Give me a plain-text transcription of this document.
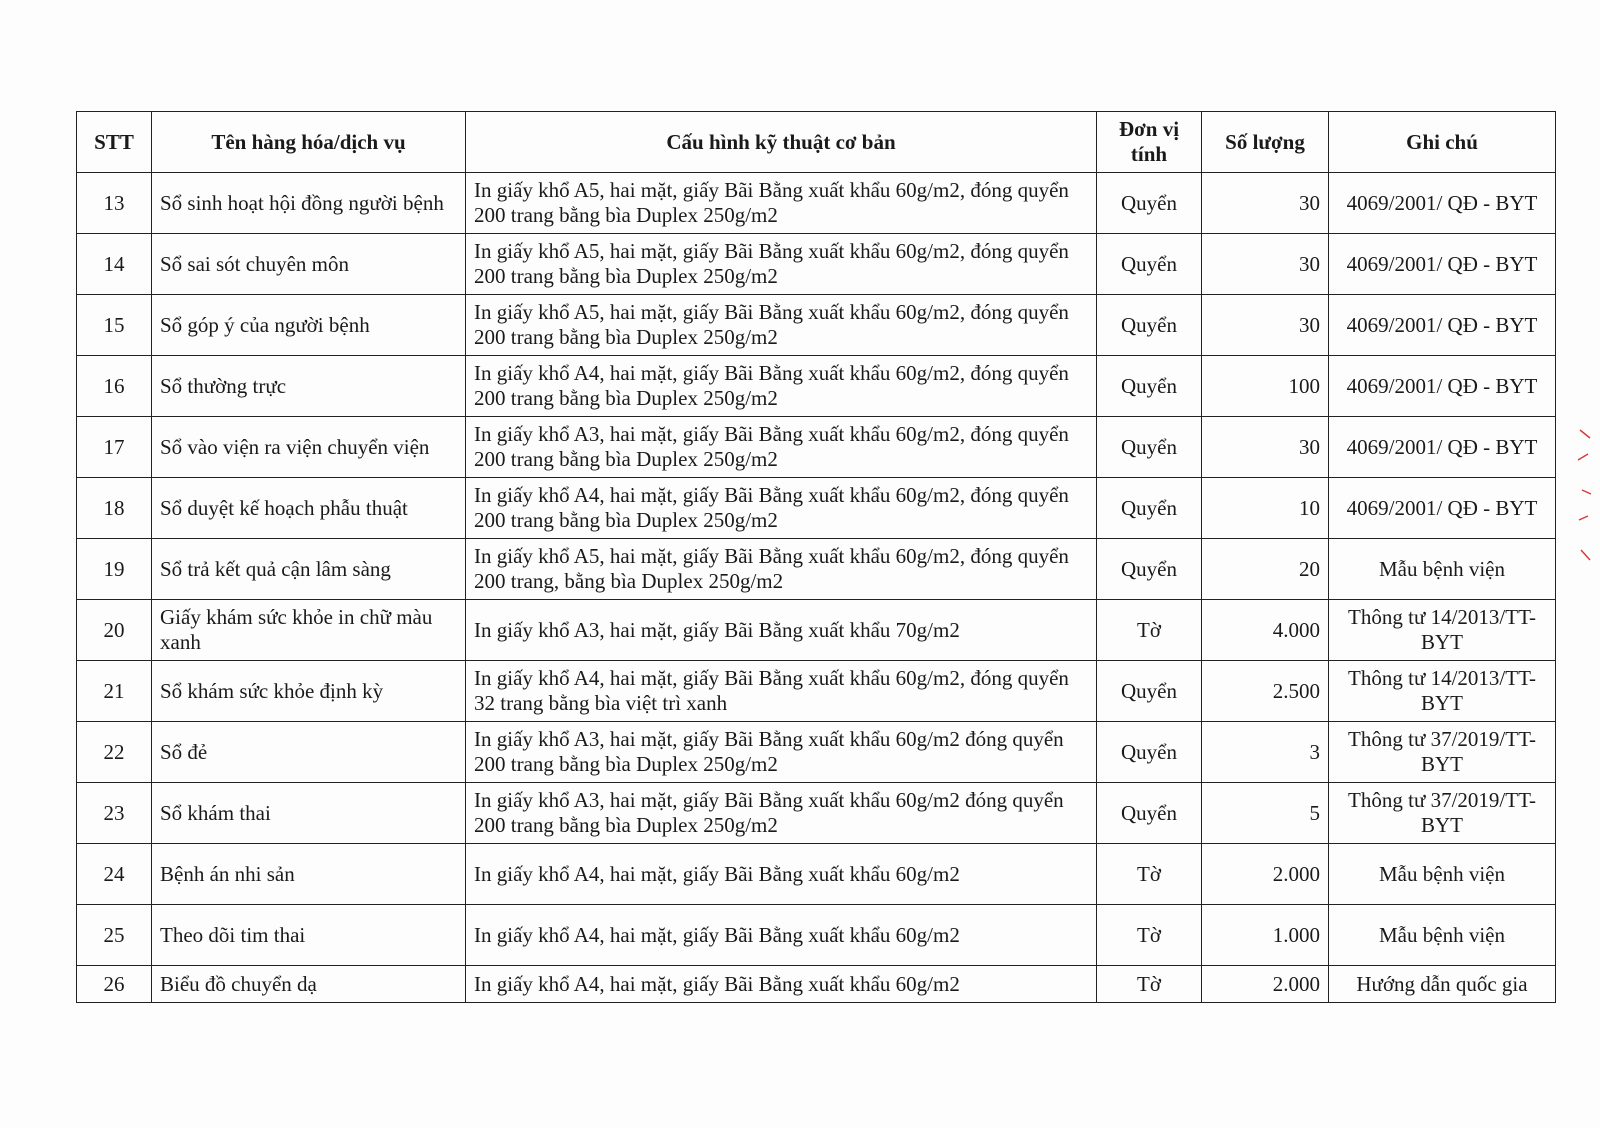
STT	Tên hàng hóa/dịch vụ	Cấu hình kỹ thuật cơ bản	Đơn vị tính	Số lượng	Ghi chú
13	Sổ sinh hoạt hội đồng người bệnh	In giấy khổ A5, hai mặt, giấy Bãi Bằng xuất khẩu 60g/m2, đóng quyển 200 trang bằng bìa Duplex 250g/m2	Quyển	30	4069/2001/ QĐ - BYT
14	Sổ sai sót chuyên môn	In giấy khổ A5, hai mặt, giấy Bãi Bằng xuất khẩu 60g/m2, đóng quyển 200 trang bằng bìa Duplex 250g/m2	Quyển	30	4069/2001/ QĐ - BYT
15	Sổ góp ý của người bệnh	In giấy khổ A5, hai mặt, giấy Bãi Bằng xuất khẩu 60g/m2, đóng quyển 200 trang bằng bìa Duplex 250g/m2	Quyển	30	4069/2001/ QĐ - BYT
16	Sổ thường trực	In giấy khổ A4, hai mặt, giấy Bãi Bằng xuất khẩu 60g/m2, đóng quyển 200 trang bằng bìa Duplex 250g/m2	Quyển	100	4069/2001/ QĐ - BYT
17	Sổ vào viện ra viện chuyển viện	In giấy khổ A3, hai mặt, giấy Bãi Bằng xuất khẩu 60g/m2, đóng quyển 200 trang bằng bìa Duplex 250g/m2	Quyển	30	4069/2001/ QĐ - BYT
18	Sổ duyệt kế hoạch phẫu thuật	In giấy khổ A4, hai mặt, giấy Bãi Bằng xuất khẩu 60g/m2, đóng quyển 200 trang bằng bìa Duplex 250g/m2	Quyển	10	4069/2001/ QĐ - BYT
19	Sổ trả kết quả cận lâm sàng	In giấy khổ A5, hai mặt, giấy Bãi Bằng xuất khẩu 60g/m2, đóng quyển 200 trang, bằng bìa Duplex 250g/m2	Quyển	20	Mẫu bệnh viện
20	Giấy khám sức khỏe in chữ màu xanh	In giấy khổ A3, hai mặt, giấy Bãi Bằng xuất khẩu 70g/m2	Tờ	4.000	Thông tư 14/2013/TT- BYT
21	Sổ khám sức khỏe định kỳ	In giấy khổ A4, hai mặt, giấy Bãi Bằng xuất khẩu 60g/m2, đóng quyển 32 trang bằng bìa việt trì xanh	Quyển	2.500	Thông tư 14/2013/TT- BYT
22	Sổ đẻ	In giấy khổ A3, hai mặt, giấy Bãi Bằng xuất khẩu 60g/m2 đóng quyển 200 trang bằng bìa Duplex 250g/m2	Quyển	3	Thông tư 37/2019/TT-BYT
23	Sổ khám thai	In giấy khổ A3, hai mặt, giấy Bãi Bằng xuất khẩu 60g/m2 đóng quyển 200 trang bằng bìa Duplex 250g/m2	Quyển	5	Thông tư 37/2019/TT-BYT
24	Bệnh án nhi sản	In giấy khổ A4, hai mặt, giấy Bãi Bằng xuất khẩu 60g/m2	Tờ	2.000	Mẫu bệnh viện
25	Theo dõi tim thai	In giấy khổ A4, hai mặt, giấy Bãi Bằng xuất khẩu 60g/m2	Tờ	1.000	Mẫu bệnh viện
26	Biểu đồ chuyển dạ	In giấy khổ A4, hai mặt, giấy Bãi Bằng xuất khẩu 60g/m2	Tờ	2.000	Hướng dẫn quốc gia
